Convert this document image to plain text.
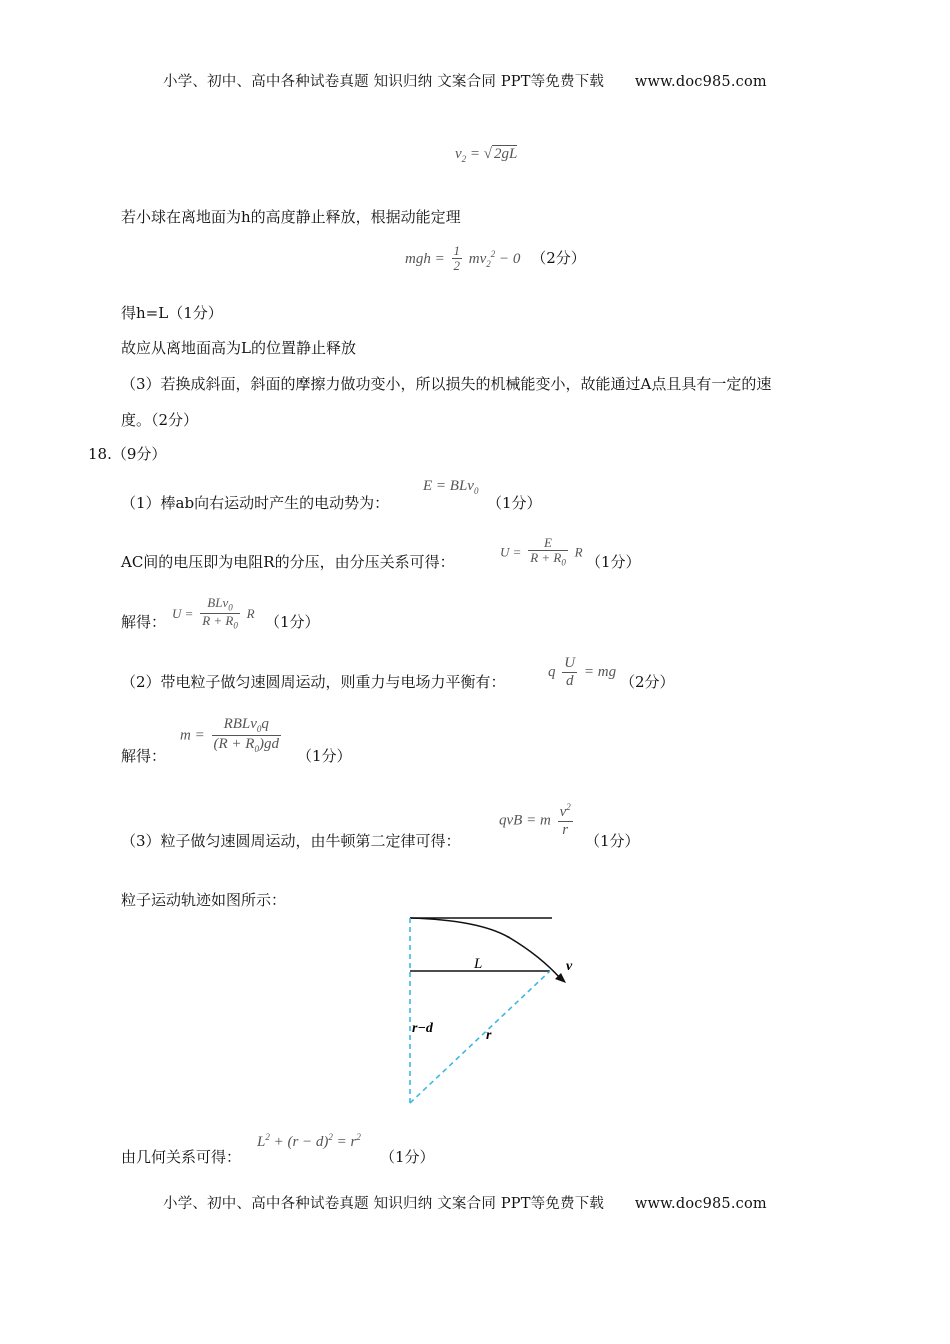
小学、初中、高中各种试卷真题 知识归纳 文案合同 PPT等免费下载 www.doc985.com
$v_2$ = √ 2gL
若小球在离地面为h的高度静止释放，根据动能定理
mgh = $\frac{1}{2} mv_2^2 - 0$ （2分）
得h=L（1分）
故应从离地面高为L的位置静止释放
（3）若换成斜面，斜面的摩擦力做功变小，所以损失的机械能变小，故能通过A点且具有一定的速
度。（2分）
18.（9分）
（1）棒ab向右运动时产生的电动势为：
E = BLv$_0$
（1分）
AC间的电压即为电阻R的分压，由分压关系可得：
$U = \frac{E}{R + R_0}$ R
（1分）
解得： $U = \frac{BLv_0}{R + R_0}$ R （1分）
（2）带电粒子做匀速圆周运动，则重力与电场力平衡有：
q $\frac{U}{d}$ = mg
（2分）
解得：
$m = \frac{RBLv_0q}{(R + R_0)gd}$
（1分）
（3）粒子做匀速圆周运动，由牛顿第二定律可得：
qvB = m $\frac{v^2}{r}$
（1分）
粒子运动轨迹如图所示：
L	v
r−d	r
由几何关系可得：
$L^2 + (r - d)^2 = r^2$
（1分）
小学、初中、高中各种试卷真题 知识归纳 文案合同 PPT等免费下载 www.doc985.com
